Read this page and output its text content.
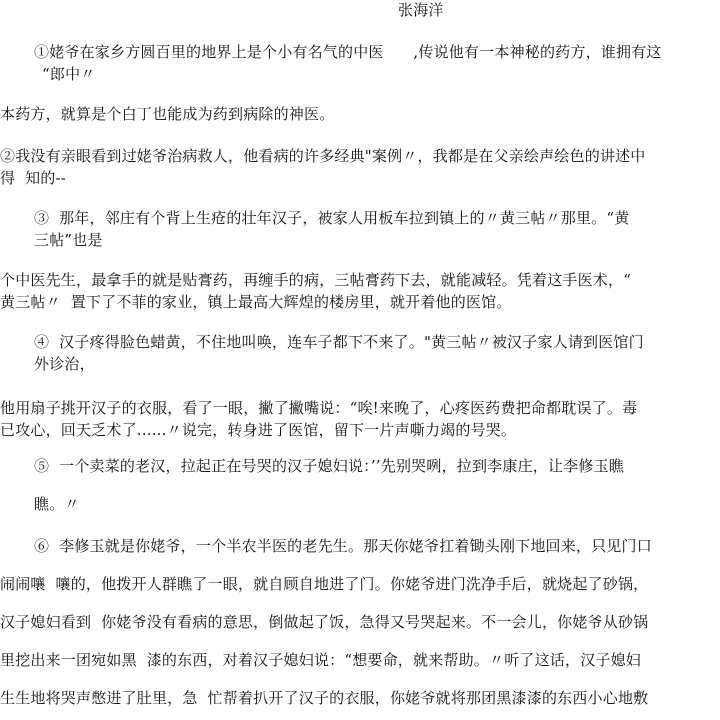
张海洋
①姥爷在家乡方圆百里的地界上是个小有名气的中医      ,传说他有一本神秘的药方，谁拥有这
“郎中〃
本药方，就算是个白丁也能成为药到病除的神医。
②我没有亲眼看到过姥爷治病救人，他看病的许多经典"案例〃，我都是在父亲绘声绘色的讲述中
得  知的--
③  那年，邻庄有个背上生疮的壮年汉子，被家人用板车拉到镇上的〃黄三帖〃那里。“黄
三帖”也是
个中医先生，最拿手的就是贴膏药，再缠手的病，三帖膏药下去，就能减轻。凭着这手医术，“
黄三帖〃  置下了不菲的家业，镇上最高大辉煌的楼房里，就开着他的医馆。
④  汉子疼得脸色蜡黄，不住地叫唤，连车子都下不来了。"黄三帖〃被汉子家人请到医馆门
外诊治，
他用扇子挑开汉子的衣服，看了一眼，撇了撇嘴说：“唉!来晚了，心疼医药费把命都耽误了。毒
已攻心，回天乏术了......〃说完，转身进了医馆，留下一片声嘶力竭的号哭。
⑤  一个卖菜的老汉，拉起正在号哭的汉子媳妇说：’’先别哭咧，拉到李康庄，让李修玉瞧
瞧。〃
⑥  李修玉就是你姥爷，一个半农半医的老先生。那天你姥爷扛着锄头刚下地回来，只见门口
闹闹嚷  嚷的，他拨开人群瞧了一眼，就自顾自地进了门。你姥爷进门洗净手后，就烧起了砂锅，
汉子媳妇看到  你姥爷没有看病的意思，倒做起了饭，急得又号哭起来。不一会儿，你姥爷从砂锅
里挖出来一团宛如黑  漆的东西，对着汉子媳妇说：“想要命，就来帮助。〃听了这话，汉子媳妇
生生地将哭声憋进了肚里，急  忙帮着扒开了汉子的衣服，你姥爷就将那团黑漆漆的东西小心地敷
